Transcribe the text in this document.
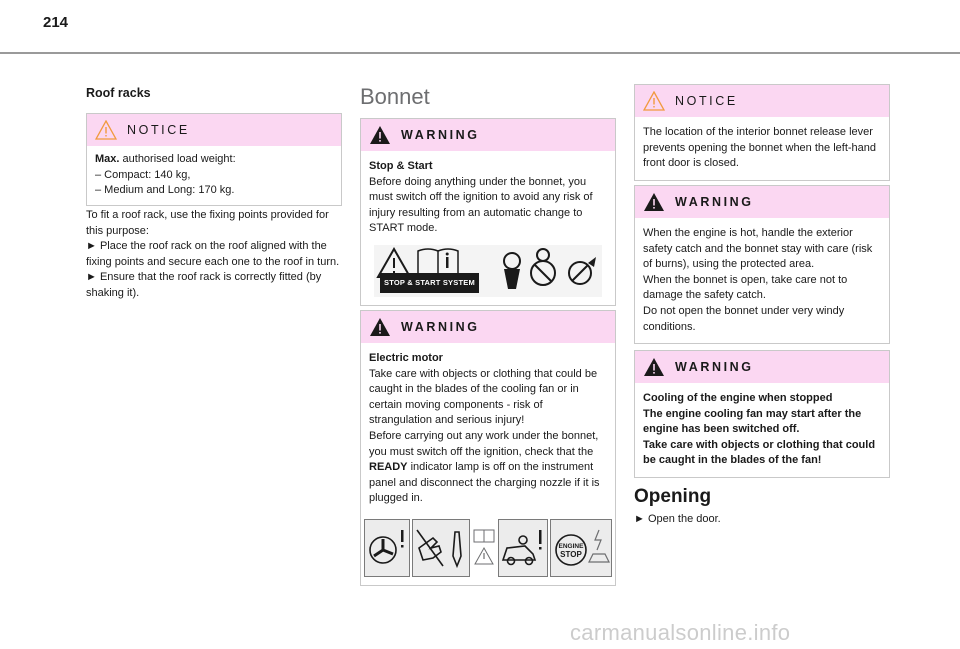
214
Roof racks
NOTICE

Max. authorised load weight:

– Compact: 140 kg,

– Medium and Long: 170 kg.

To fit a roof rack, use the fixing points provided for this purpose:

► Place the roof rack on the roof aligned with the fixing points and secure each one to the roof in turn.

► Ensure that the roof rack is correctly fitted (by shaking it).

Bonnet
WARNING

Stop & Start

Before doing anything under the bonnet, you must switch off the ignition to avoid any risk of injury resulting from an automatic change to START mode.

STOP & START SYSTEM
WARNING

Electric motor

Take care with objects or clothing that could be caught in the blades of the cooling fan or in certain moving components - risk of strangulation and serious injury!

Before carrying out any work under the bonnet, you must switch off the ignition, check that the READY indicator lamp is off on the instrument panel and disconnect the charging nozzle if it is plugged in.

ENGINE
STOP
NOTICE

The location of the interior bonnet release lever prevents opening the bonnet when the left-hand front door is closed.

WARNING

When the engine is hot, handle the exterior safety catch and the bonnet stay with care (risk of burns), using the protected area.

When the bonnet is open, take care not to damage the safety catch.

Do not open the bonnet under very windy conditions.

WARNING

Cooling of the engine when stopped

The engine cooling fan may start after the engine has been switched off.

Take care with objects or clothing that could be caught in the blades of the fan!

Opening
► Open the door.
carmanualsonline.info
